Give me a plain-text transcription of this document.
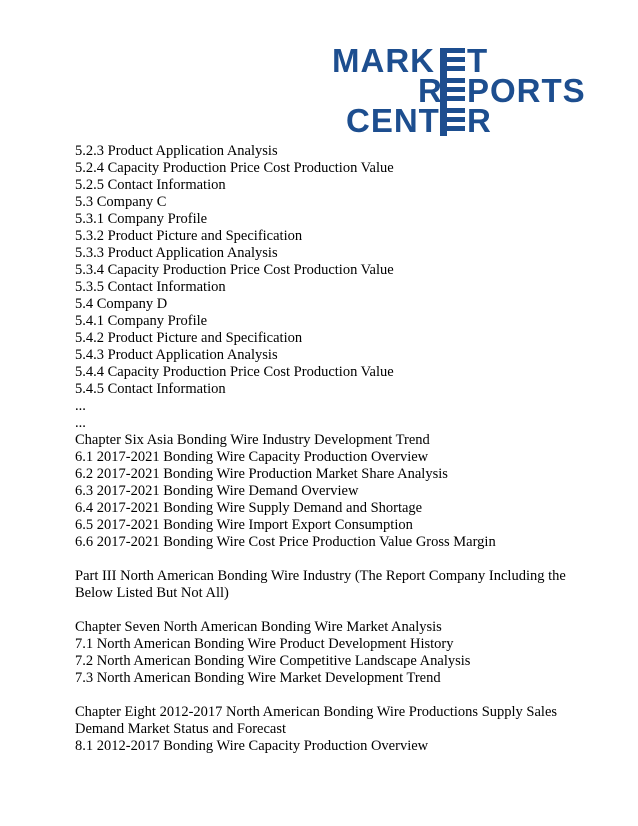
MARK T
R PORTS
CENT R
5.2.3 Product Application Analysis
5.2.4 Capacity Production Price Cost Production Value
5.2.5 Contact Information
5.3 Company C
5.3.1 Company Profile
5.3.2 Product Picture and Specification
5.3.3 Product Application Analysis
5.3.4 Capacity Production Price Cost Production Value
5.3.5 Contact Information
5.4 Company D
5.4.1 Company Profile
5.4.2 Product Picture and Specification
5.4.3 Product Application Analysis
5.4.4 Capacity Production Price Cost Production Value
5.4.5 Contact Information
...
...
Chapter Six Asia Bonding Wire Industry Development Trend
6.1 2017-2021 Bonding Wire Capacity Production Overview
6.2 2017-2021 Bonding Wire Production Market Share Analysis
6.3 2017-2021 Bonding Wire Demand Overview
6.4 2017-2021 Bonding Wire Supply Demand and Shortage
6.5 2017-2021 Bonding Wire Import Export Consumption
6.6 2017-2021 Bonding Wire Cost Price Production Value Gross Margin
Part III North American Bonding Wire Industry (The Report Company Including the Below Listed But Not All)
Chapter Seven North American Bonding Wire Market Analysis
7.1 North American Bonding Wire Product Development History
7.2 North American Bonding Wire Competitive Landscape Analysis
7.3 North American Bonding Wire Market Development Trend
Chapter Eight 2012-2017 North American Bonding Wire Productions Supply Sales Demand Market Status and Forecast
8.1 2012-2017 Bonding Wire Capacity Production Overview
